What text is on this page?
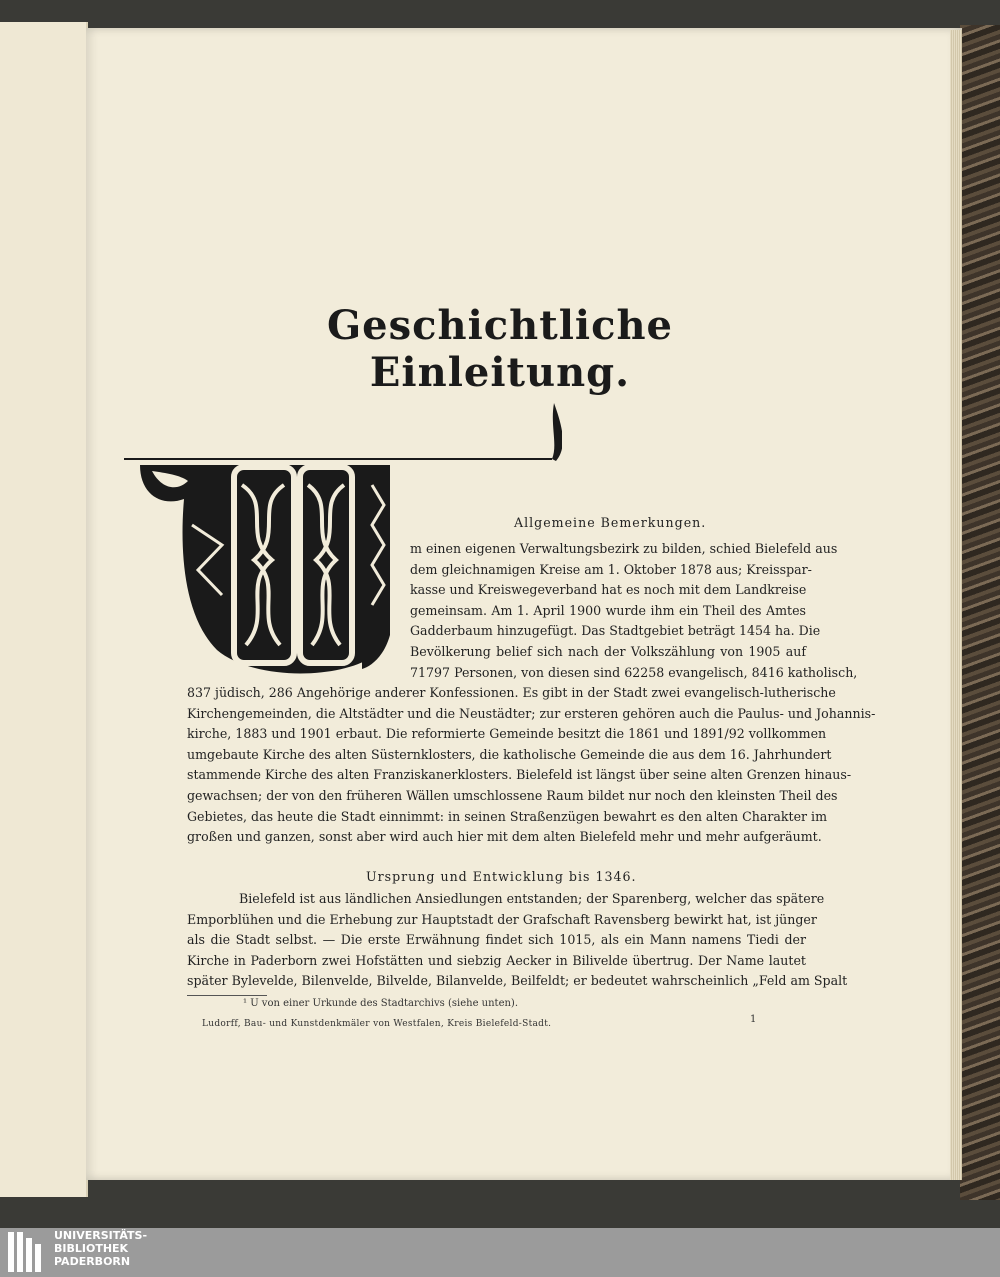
Geschichtliche Einleitung.
Allgemeine Bemerkungen.
m einen eigenen Verwaltungsbezirk zu bilden, schied Bielefeld aus
dem gleichnamigen Kreise am 1. Oktober 1878 aus; Kreisspar-
kasse und Kreiswegeverband hat es noch mit dem Landkreise
gemeinsam. Am 1. April 1900 wurde ihm ein Theil des Amtes
Gadderbaum hinzugefügt. Das Stadtgebiet beträgt 1454 ha. Die
Bevölkerung belief sich nach der Volkszählung von 1905 auf
71797 Personen, von diesen sind 62258 evangelisch, 8416 katholisch,
837 jüdisch, 286 Angehörige anderer Konfessionen. Es gibt in der Stadt zwei evangelisch-lutherische
Kirchengemeinden, die Altstädter und die Neustädter; zur ersteren gehören auch die Paulus- und Johannis-
kirche, 1883 und 1901 erbaut. Die reformierte Gemeinde besitzt die 1861 und 1891/92 vollkommen
umgebaute Kirche des alten Süsternklosters, die katholische Gemeinde die aus dem 16. Jahrhundert
stammende Kirche des alten Franziskanerklosters. Bielefeld ist längst über seine alten Grenzen hinaus-
gewachsen; der von den früheren Wällen umschlossene Raum bildet nur noch den kleinsten Theil des
Gebietes, das heute die Stadt einnimmt: in seinen Straßenzügen bewahrt es den alten Charakter im
großen und ganzen, sonst aber wird auch hier mit dem alten Bielefeld mehr und mehr aufgeräumt.
Ursprung und Entwicklung bis 1346.
Bielefeld ist aus ländlichen Ansiedlungen entstanden; der Sparenberg, welcher das spätere
Emporblühen und die Erhebung zur Hauptstadt der Grafschaft Ravensberg bewirkt hat, ist jünger
als die Stadt selbst. — Die erste Erwähnung findet sich 1015, als ein Mann namens Tiedi der
Kirche in Paderborn zwei Hofstätten und siebzig Aecker in Bilivelde übertrug. Der Name lautet
später Bylevelde, Bilenvelde, Bilvelde, Bilanvelde, Beilfeldt; er bedeutet wahrscheinlich „Feld am Spalt
¹ U von einer Urkunde des Stadtarchivs (siehe unten).
Ludorff, Bau- und Kunstdenkmäler von Westfalen, Kreis Bielefeld-Stadt.	1
UNIVERSITÄTS-
BIBLIOTHEK
PADERBORN
